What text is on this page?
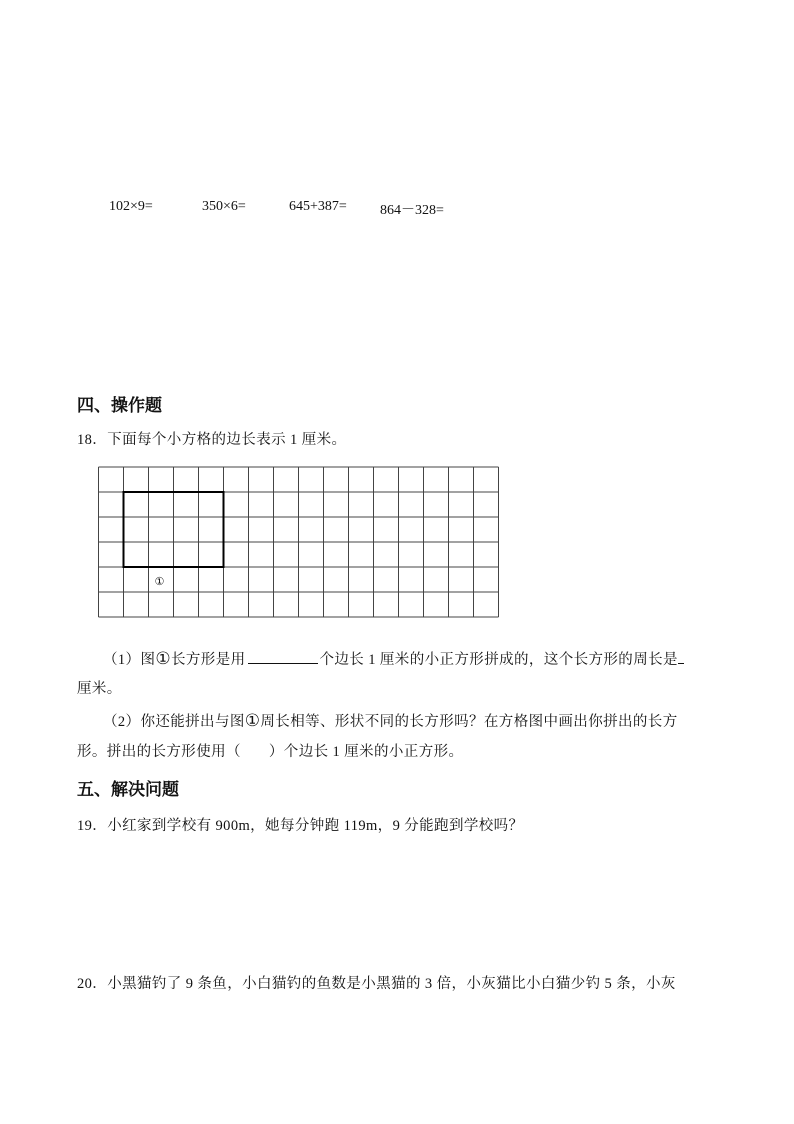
102×9=	350×6=	645+387= 864－328=
四、操作题
18．下面每个小方格的边长表示 1 厘米。
①
（1）图①长方形是用	个边长 1 厘米的小正方形拼成的，这个长方形的周长是
厘米。
（2）你还能拼出与图①周长相等、形状不同的长方形吗？在方格图中画出你拼出的长方
形。拼出的长方形使用（ ）个边长 1 厘米的小正方形。
五、解决问题
19．小红家到学校有 900m，她每分钟跑 119m，9 分能跑到学校吗？
20．小黑猫钓了 9 条鱼，小白猫钓的鱼数是小黑猫的 3 倍，小灰猫比小白猫少钓 5 条，小灰
